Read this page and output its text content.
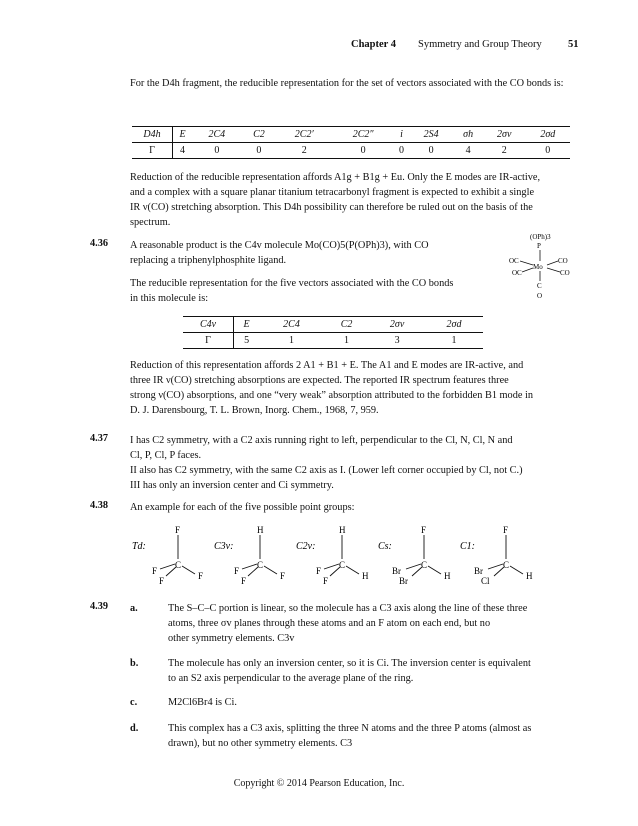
Chapter 4 Symmetry and Group Theory	51
For the D4h fragment, the reducible representation for the set of vectors associated with the CO bonds is:
D4h	E	2C4	C2	2C2′	2C2″	i	2S4	σh	2σv	2σd
Γ	4	0	0	2	0	0	0	4	2	0
Reduction of the reducible representation affords A1g + B1g + Eu. Only the E modes are IR-active,
and a complex with a square planar titanium tetracarbonyl fragment is expected to exhibit a single
IR ν(CO) stretching absorption. This D4h possibility can therefore be ruled out on the basis of the
spectrum.
4.36 A reasonable product is the C4v molecule Mo(CO)5(P(OPh)3), with CO
replacing a triphenylphosphite ligand.
The reducible representation for the five vectors associated with the CO bonds
in this molecule is:
(OPh)3
P
Mo
OC	CO
OC	CO
C
O
C4v	E	2C4	C2	2σv	2σd
Γ	5	1	1	3	1
Reduction of this representation affords 2 A1 + B1 + E. The A1 and E modes are IR-active, and
three IR ν(CO) stretching absorptions are expected. The reported IR spectrum features three
strong ν(CO) absorptions, and one “very weak” absorption attributed to the forbidden B1 mode in
D. J. Darensbourg, T. L. Brown, Inorg. Chem., 1968, 7, 959.
4.37 I has C2 symmetry, with a C2 axis running right to left, perpendicular to the Cl, N, Cl, N and
Cl, P, Cl, P faces.
II also has C2 symmetry, with the same C2 axis as I. (Lower left corner occupied by Cl, not C.)
III has only an inversion center and Ci symmetry.
4.38 An example for each of the five possible point groups:
Td:
F
C
F
F	F
C3v:
H
C
F
F	F
C2v:
H
C
F
F	H
Cs:
F
C
Br
Br	H
C1:
F
C
Br
Cl	H
4.39 a.	The S–C–C portion is linear, so the molecule has a C3 axis along the line of these three
atoms, three σv planes through these atoms and an F atom on each end, but no
other symmetry elements. C3v
b.	The molecule has only an inversion center, so it is Ci. The inversion center is equivalent
to an S2 axis perpendicular to the average plane of the ring.
c.	M2Cl6Br4 is Ci.
d.	This complex has a C3 axis, splitting the three N atoms and the three P atoms (almost as
drawn), but no other symmetry elements. C3
Copyright © 2014 Pearson Education, Inc.
